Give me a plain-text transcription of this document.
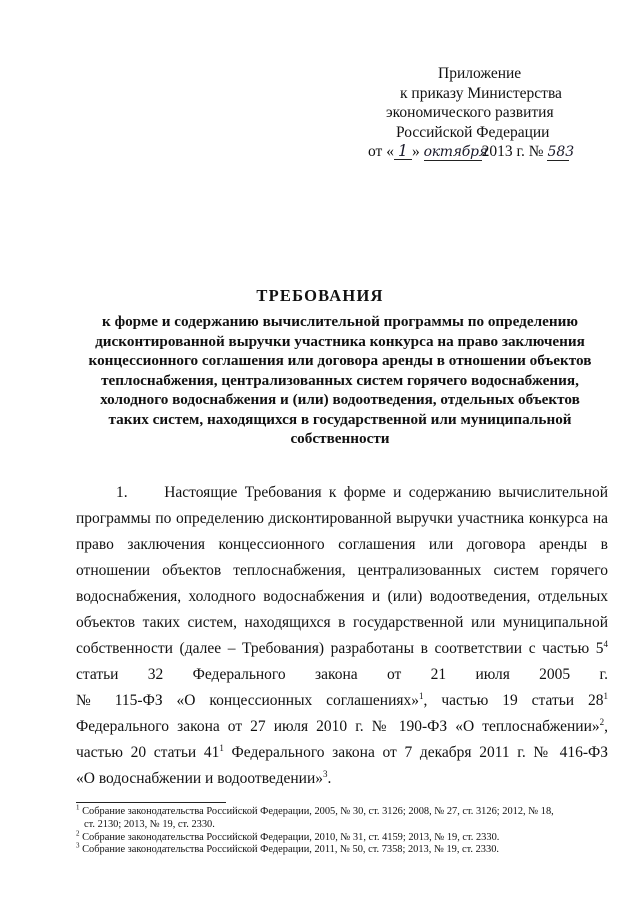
Приложение
к приказу Министерства
экономического развития
Российской Федерации
от « 1 » октября2013 г. № 583
ТРЕБОВАНИЯ
к форме и содержанию вычислительной программы по определению
дисконтированной выручки участника конкурса на право заключения
концессионного соглашения или договора аренды в отношении объектов
теплоснабжения, централизованных систем горячего водоснабжения,
холодного водоснабжения и (или) водоотведения, отдельных объектов
таких систем, находящихся в государственной или муниципальной
собственности
1.     Настоящие Требования к форме и содержанию вычислительной
программы по определению дисконтированной выручки участника конкурса на
право заключения концессионного соглашения или договора аренды в
отношении объектов теплоснабжения, централизованных систем горячего
водоснабжения, холодного водоснабжения и (или) водоотведения, отдельных
объектов таких систем, находящихся в государственной или муниципальной
собственности (далее – Требования) разработаны в соответствии с частью $5^4$
статьи 32 Федерального закона от 21 июля 2005 г.
№ 115-ФЗ «О концессионных соглашениях»$^1$, частью 19 статьи $28^1$
Федерального закона от 27 июля 2010 г. № 190-ФЗ «О теплоснабжении»$^2$,
частью 20 статьи $41^1$ Федерального закона от 7 декабря 2011 г. № 416-ФЗ
«О водоснабжении и водоотведении»$^3$.
$^1$ Собрание законодательства Российской Федерации, 2005, № 30, ст. 3126; 2008, № 27, ст. 3126; 2012, № 18,
ст. 2130; 2013, № 19, ст. 2330.
$^2$ Собрание законодательства Российской Федерации, 2010, № 31, ст. 4159; 2013, № 19, ст. 2330.
$^3$ Собрание законодательства Российской Федерации, 2011, № 50, ст. 7358; 2013, № 19, ст. 2330.
